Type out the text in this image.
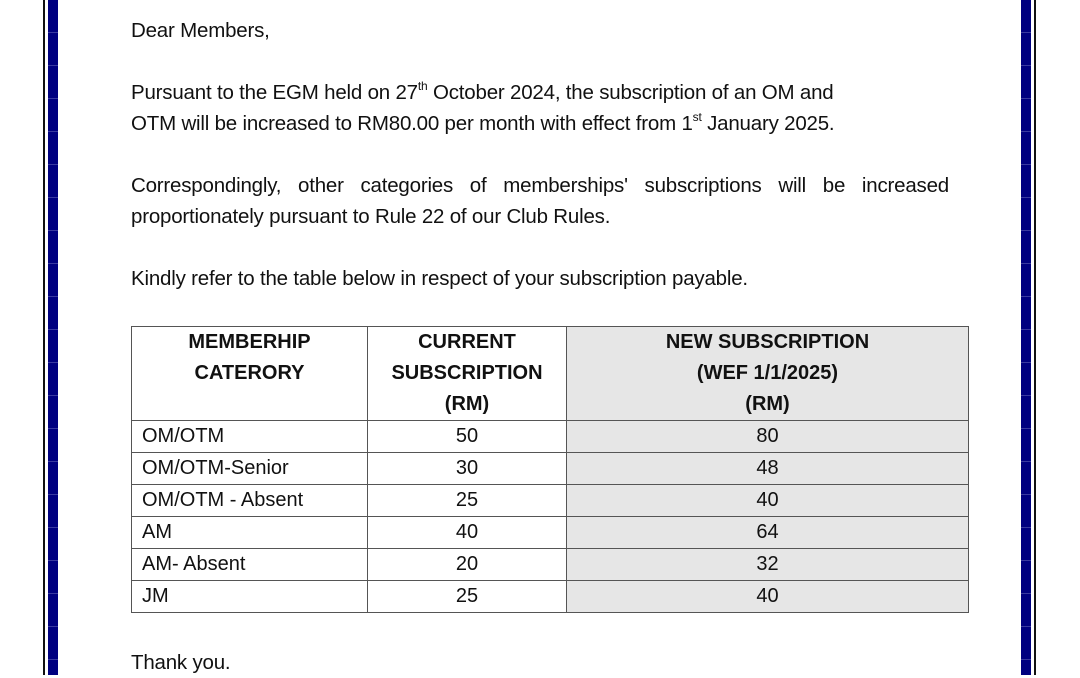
Dear Members,

Pursuant to the EGM held on 27th October 2024, the subscription of an OM and
OTM will be increased to RM80.00 per month with effect from 1st January 2025.

Correspondingly, other categories of memberships' subscriptions will be increased proportionately pursuant to Rule 22 of our Club Rules.

Kindly refer to the table below in respect of your subscription payable.

Thank you.

MEMBERHIP
CATERORY

CURRENT
SUBSCRIPTION
(RM)

NEW SUBSCRIPTION
(WEF 1/1/2025)
(RM)

OM/OTM	50	80
OM/OTM-Senior	30	48
OM/OTM - Absent	25	40
AM	40	64
AM- Absent	20	32
JM	25	40
